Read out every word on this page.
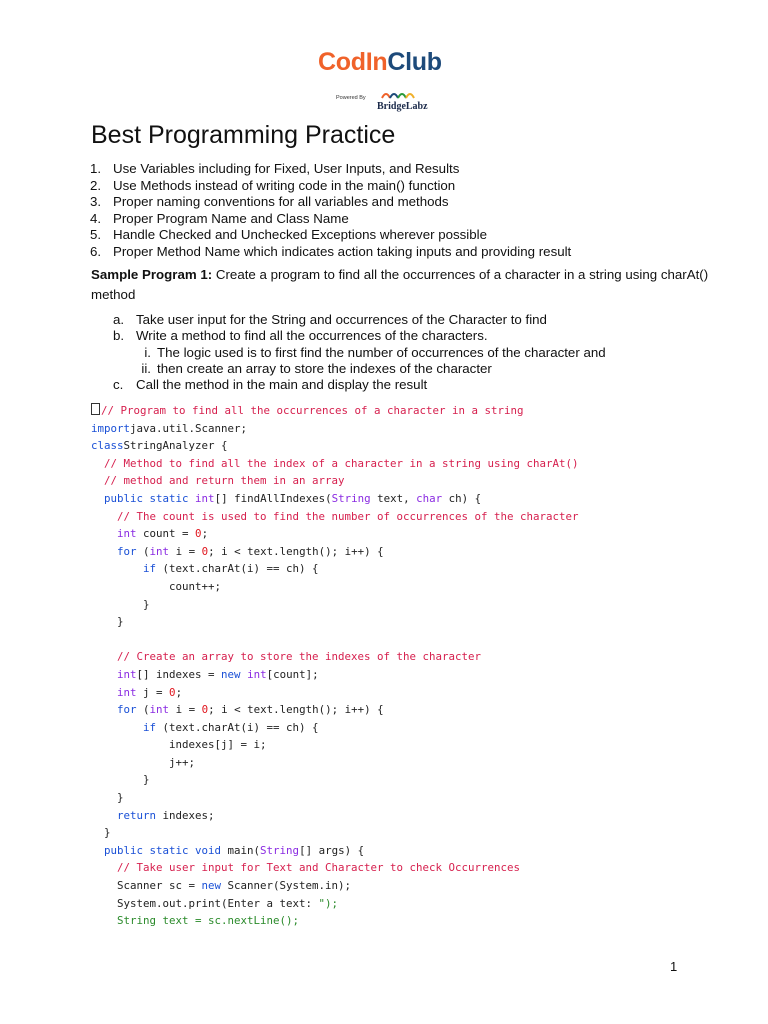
CodInClub
Powered By
BridgeLabz
Best Programming Practice
1. Use Variables including for Fixed, User Inputs, and Results
2. Use Methods instead of writing code in the main() function
3. Proper naming conventions for all variables and methods
4. Proper Program Name and Class Name
5. Handle Checked and Unchecked Exceptions wherever possible
6. Proper Method Name which indicates action taking inputs and providing result

Sample Program 1: Create a program to find all the occurrences of a character in a string using charAt() method

a. Take user input for the String and occurrences of the Character to find
b. Write a method to find all the occurrences of the characters.
i. The logic used is to first find the number of occurrences of the character and
ii. then create an array to store the indexes of the character
c. Call the method in the main and display the result
// Program to find all the occurrences of a character in a string
importjava.util.Scanner;
classStringAnalyzer {
// Method to find all the index of a character in a string using charAt()
// method and return them in an array
public static int[] findAllIndexes(String text, char ch) {
// The count is used to find the number of occurrences of the character
int count = 0;
for (int i = 0; i < text.length(); i++) {
if (text.charAt(i) == ch) {
count++;
}
}
// Create an array to store the indexes of the character
int[] indexes = new int[count];
int j = 0;
for (int i = 0; i < text.length(); i++) {
if (text.charAt(i) == ch) {
indexes[j] = i;
j++;
}
}
return indexes;
}
public static void main(String[] args) {
// Take user input for Text and Character to check Occurrences
Scanner sc = new Scanner(System.in);
System.out.print(Enter a text: ");
String text = sc.nextLine();
1
